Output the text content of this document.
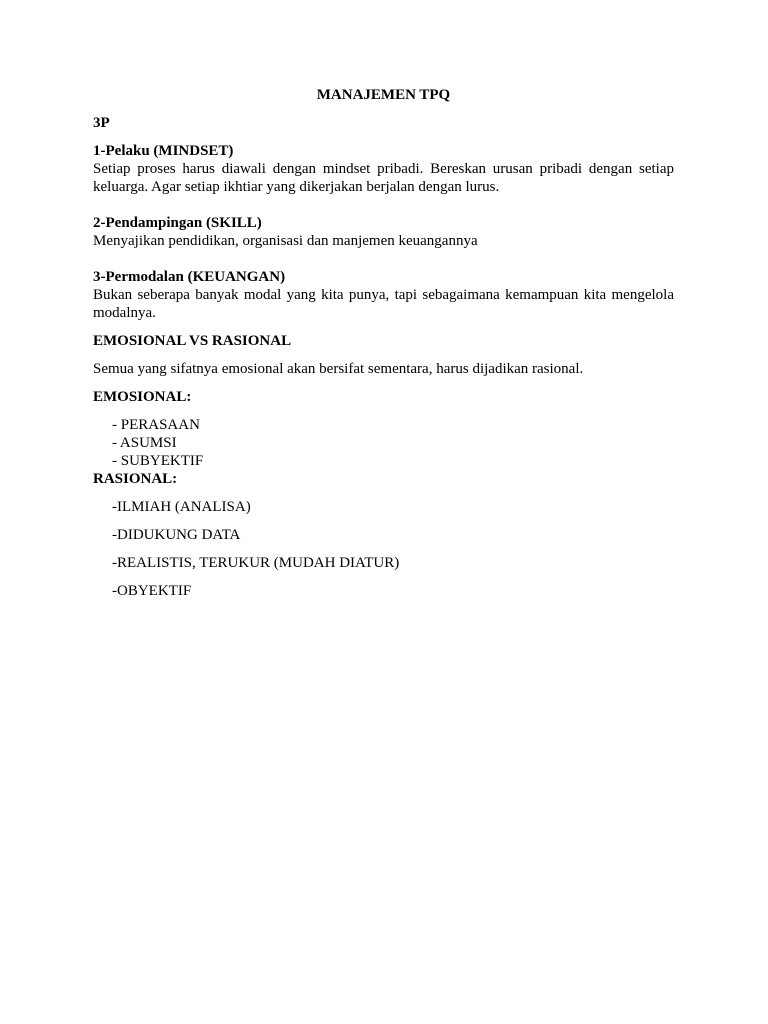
MANAJEMEN TPQ
3P
1-Pelaku (MINDSET)
Setiap proses harus diawali dengan mindset pribadi. Bereskan urusan pribadi dengan setiap keluarga. Agar setiap ikhtiar yang dikerjakan berjalan dengan lurus.
2-Pendampingan (SKILL)
Menyajikan pendidikan, organisasi dan manjemen keuangannya
3-Permodalan (KEUANGAN)
Bukan seberapa banyak modal yang kita punya, tapi sebagaimana kemampuan kita mengelola modalnya.
EMOSIONAL VS RASIONAL
Semua yang sifatnya emosional akan bersifat sementara, harus dijadikan rasional.
EMOSIONAL:
- PERASAAN
- ASUMSI
- SUBYEKTIF
RASIONAL:
-ILMIAH (ANALISA)
-DIDUKUNG DATA
-REALISTIS, TERUKUR (MUDAH DIATUR)
-OBYEKTIF
